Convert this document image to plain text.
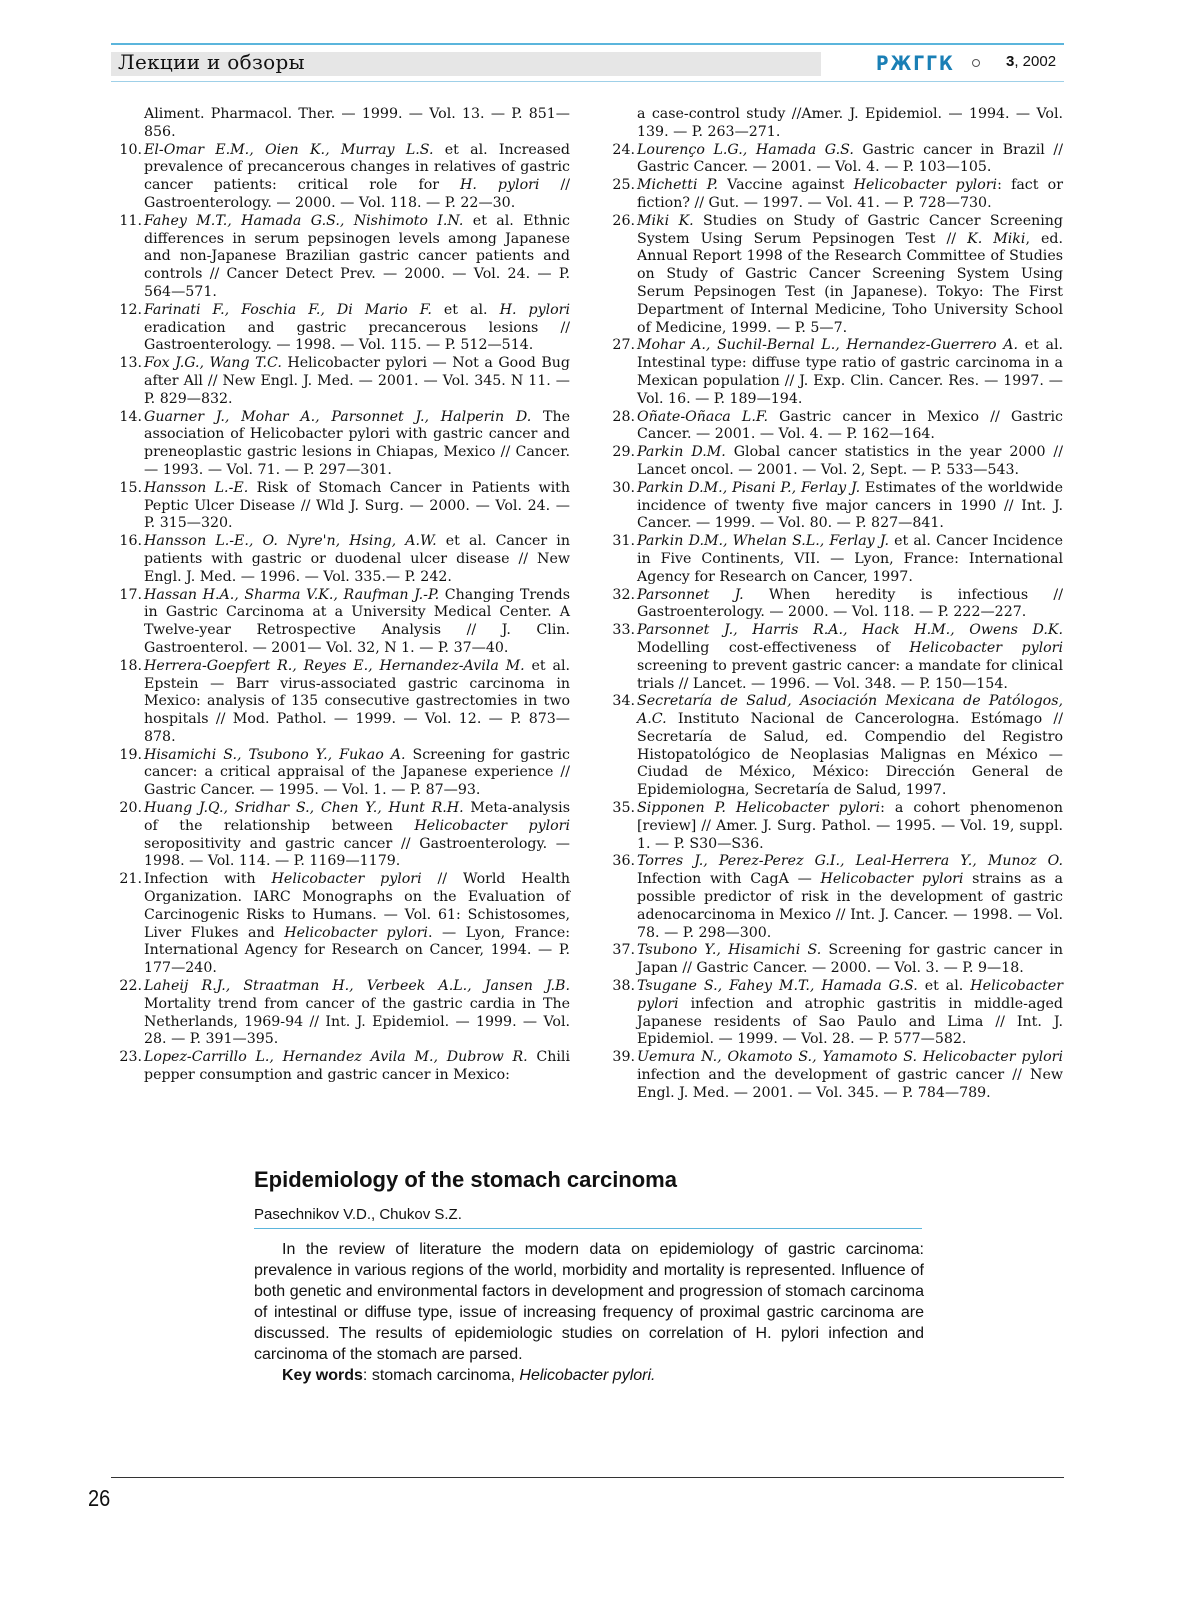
Лекции и обзоры	РЖГГК	3, 2002
Aliment. Pharmacol. Ther. — 1999. — Vol. 13. — P. 851—856.
10. El-Omar E.M., Oien K., Murray L.S. et al. Increased prevalence of precancerous changes in relatives of gastric cancer patients: critical role for H. pylori // Gastroenterology. — 2000. — Vol. 118. — P. 22—30.
11. Fahey M.T., Hamada G.S., Nishimoto I.N. et al. Ethnic differences in serum pepsinogen levels among Japanese and non-Japanese Brazilian gastric cancer patients and controls // Cancer Detect Prev. — 2000. — Vol. 24. — P. 564—571.
12. Farinati F., Foschia F., Di Mario F. et al. H. pylori eradication and gastric precancerous lesions // Gastroenterology. — 1998. — Vol. 115. — P. 512—514.
13. Fox J.G., Wang T.C. Helicobacter pylori — Not a Good Bug after All // New Engl. J. Med. — 2001. — Vol. 345. N 11. — P. 829—832.
14. Guarner J., Mohar A., Parsonnet J., Halperin D. The association of Helicobacter pylori with gastric cancer and preneoplastic gastric lesions in Chiapas, Mexico // Cancer. — 1993. — Vol. 71. — P. 297—301.
15. Hansson L.-E. Risk of Stomach Cancer in Patients with Peptic Ulcer Disease // Wld J. Surg. — 2000. — Vol. 24. — P. 315—320.
16. Hansson L.-E., O. Nyre'n, Hsing, A.W. et al. Cancer in patients with gastric or duodenal ulcer disease // New Engl. J. Med. — 1996. — Vol. 335.— P. 242.
17. Hassan H.A., Sharma V.K., Raufman J.-P. Changing Trends in Gastric Carcinoma at a University Medical Center. A Twelve-year Retrospective Analysis // J. Clin. Gastroenterol. — 2001— Vol. 32, N 1. — P. 37—40.
18. Herrera-Goepfert R., Reyes E., Hernandez-Avila M. et al. Epstein — Barr virus-associated gastric carcinoma in Mexico: analysis of 135 consecutive gastrectomies in two hospitals // Mod. Pathol. — 1999. — Vol. 12. — P. 873—878.
19. Hisamichi S., Tsubono Y., Fukao A. Screening for gastric cancer: a critical appraisal of the Japanese experience // Gastric Cancer. — 1995. — Vol. 1. — P. 87—93.
20. Huang J.Q., Sridhar S., Chen Y., Hunt R.H. Meta-analysis of the relationship between Helicobacter pylori seropositivity and gastric cancer // Gastroenterology. — 1998. — Vol. 114. — P. 1169—1179.
21. Infection with Helicobacter pylori // World Health Organization. IARC Monographs on the Evaluation of Carcinogenic Risks to Humans. — Vol. 61: Schistosomes, Liver Flukes and Helicobacter pylori. — Lyon, France: International Agency for Research on Cancer, 1994. — P. 177—240.
22. Laheij R.J., Straatman H., Verbeek A.L., Jansen J.B. Mortality trend from cancer of the gastric cardia in The Netherlands, 1969-94 // Int. J. Epidemiol. — 1999. — Vol. 28. — P. 391—395.
23. Lopez-Carrillo L., Hernandez Avila M., Dubrow R. Chili pepper consumption and gastric cancer in Mexico:
a case-control study //Amer. J. Epidemiol. — 1994. — Vol. 139. — P. 263—271.
24. Lourenço L.G., Hamada G.S. Gastric cancer in Brazil // Gastric Cancer. — 2001. — Vol. 4. — P. 103—105.
25. Michetti P. Vaccine against Helicobacter pylori: fact or fiction? // Gut. — 1997. — Vol. 41. — P. 728—730.
26. Miki K. Studies on Study of Gastric Cancer Screening System Using Serum Pepsinogen Test // K. Miki, ed. Annual Report 1998 of the Research Committee of Studies on Study of Gastric Cancer Screening System Using Serum Pepsinogen Test (in Japanese). Tokyo: The First Department of Internal Medicine, Toho University School of Medicine, 1999. — P. 5—7.
27. Mohar A., Suchil-Bernal L., Hernandez-Guerrero A. et al. Intestinal type: diffuse type ratio of gastric carcinoma in a Mexican population // J. Exp. Clin. Cancer. Res. — 1997. — Vol. 16. — P. 189—194.
28. Oñate-Oñaca L.F. Gastric cancer in Mexico // Gastric Cancer. — 2001. — Vol. 4. — P. 162—164.
29. Parkin D.M. Global cancer statistics in the year 2000 // Lancet oncol. — 2001. — Vol. 2, Sept. — P. 533—543.
30. Parkin D.M., Pisani P., Ferlay J. Estimates of the worldwide incidence of twenty five major cancers in 1990 // Int. J. Cancer. — 1999. — Vol. 80. — P. 827—841.
31. Parkin D.M., Whelan S.L., Ferlay J. et al. Cancer Incidence in Five Continents, VII. — Lyon, France: International Agency for Research on Cancer, 1997.
32. Parsonnet J. When heredity is infectious // Gastroenterology. — 2000. — Vol. 118. — P. 222—227.
33. Parsonnet J., Harris R.A., Hack H.M., Owens D.K. Modelling cost-effectiveness of Helicobacter pylori screening to prevent gastric cancer: a mandate for clinical trials // Lancet. — 1996. — Vol. 348. — P. 150—154.
34. Secretaría de Salud, Asociación Mexicana de Patólogos, A.C. Instituto Nacional de Cancerologна. Estómago // Secretaría de Salud, ed. Compendio del Registro Histopatológico de Neoplasias Malignas en México — Ciudad de México, México: Dirección General de Epidemiologна, Secretaría de Salud, 1997.
35. Sipponen P. Helicobacter pylori: a cohort phenomenon [review] // Amer. J. Surg. Pathol. — 1995. — Vol. 19, suppl. 1. — P. S30—S36.
36. Torres J., Perez-Perez G.I., Leal-Herrera Y., Munoz O. Infection with CagA — Helicobacter pylori strains as a possible predictor of risk in the development of gastric adenocarcinoma in Mexico // Int. J. Cancer. — 1998. — Vol. 78. — P. 298—300.
37. Tsubono Y., Hisamichi S. Screening for gastric cancer in Japan // Gastric Cancer. — 2000. — Vol. 3. — P. 9—18.
38. Tsugane S., Fahey M.T., Hamada G.S. et al. Helicobacter pylori infection and atrophic gastritis in middle-aged Japanese residents of Sao Paulo and Lima // Int. J. Epidemiol. — 1999. — Vol. 28. — P. 577—582.
39. Uemura N., Okamoto S., Yamamoto S. Helicobacter pylori infection and the development of gastric cancer // New Engl. J. Med. — 2001. — Vol. 345. — P. 784—789.
Epidemiology of the stomach carcinoma
Pasechnikov V.D., Chukov S.Z.
In the review of literature the modern data on epidemiology of gastric carcinoma: prevalence in various regions of the world, morbidity and mortality is represented. Influence of both genetic and environmental factors in development and progression of stomach carcinoma of intestinal or diffuse type, issue of increasing frequency of proximal gastric carcinoma are discussed. The results of epidemiologic studies on correlation of H. pylori infection and carcinoma of the stomach are parsed.
Key words: stomach carcinoma, Helicobacter pylori.
26
